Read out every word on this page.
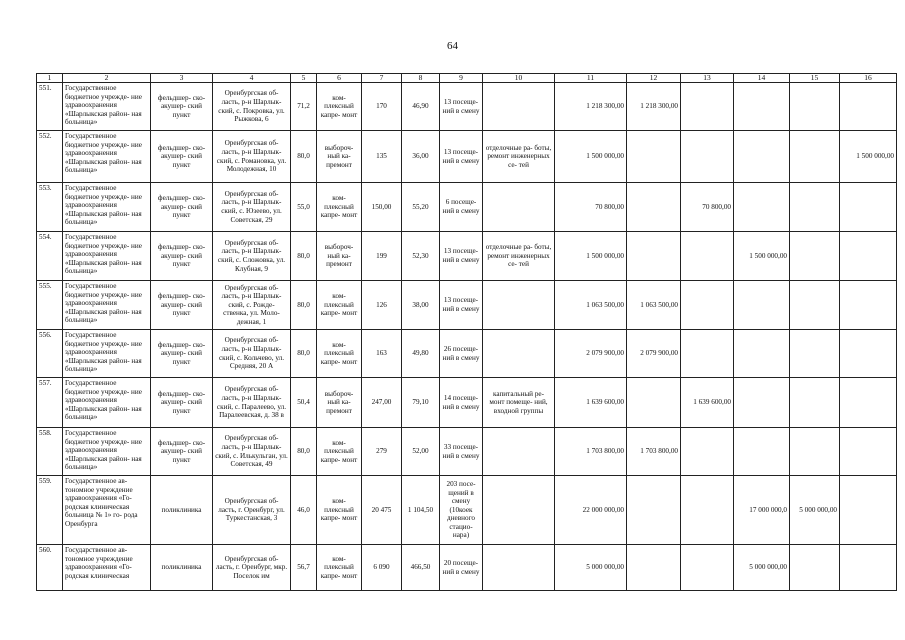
64
1	2	3	4	5	6	7	8	9	10	11	12	13	14	15	16
551.	Государственное бюджетное учрежде- ние здравоохранения «Шарлыкская район- ная больница»	фельдшер- ско-акушер- ский пункт	Оренбургская об- ласть, р-н Шарлык- ский, с. Покровка, ул. Рыжкова, 6	71,2	ком- плексный капре- монт	170	46,90	13 посеще- ний в смену		1 218 300,00	1 218 300,00				
552.	Государственное бюджетное учрежде- ние здравоохранения «Шарлыкская район- ная больница»	фельдшер- ско-акушер- ский пункт	Оренбургская об- ласть, р-н Шарлык- ский, с. Романовка, ул. Молодежная, 10	80,0	выбороч- ный ка- премонт	135	36,00	13 посеще- ний в смену	отделочные ра- боты, ремонт инженерных се- тей	1 500 000,00					1 500 000,00
553.	Государственное бюджетное учрежде- ние здравоохранения «Шарлыкская район- ная больница»	фельдшер- ско-акушер- ский пункт	Оренбургская об- ласть, р-н Шарлык- ский, с. Юзеево, ул. Советская, 29	55,0	ком- плексный капре- монт	150,00	55,20	6 посеще- ний в смену		70 800,00		70 800,00			
554.	Государственное бюджетное учрежде- ние здравоохранения «Шарлыкская район- ная больница»	фельдшер- ско-акушер- ский пункт	Оренбургская об- ласть, р-н Шарлык- ский, с. Сложовка, ул. Клубная, 9	80,0	выбороч- ный ка- премонт	199	52,30	13 посеще- ний в смену	отделочные ра- боты, ремонт инженерных се- тей	1 500 000,00			1 500 000,00		
555.	Государственное бюджетное учрежде- ние здравоохранения «Шарлыкская район- ная больница»	фельдшер- ско-акушер- ский пункт	Оренбургская об- ласть, р-н Шарлык- ский, с. Рожде- ственка, ул. Моло- дежная, 1	80,0	ком- плексный капре- монт	126	38,00	13 посеще- ний в смену		1 063 500,00	1 063 500,00				
556.	Государственное бюджетное учрежде- ние здравоохранения «Шарлыкская район- ная больница»	фельдшер- ско-акушер- ский пункт	Оренбургская об- ласть, р-н Шарлык- ский, с. Кольчево, ул. Средняя, 20 А	80,0	ком- плексный капре- монт	163	49,80	26 посеще- ний в смену		2 079 900,00	2 079 900,00				
557.	Государственное бюджетное учрежде- ние здравоохранения «Шарлыкская район- ная больница»	фельдшер- ско-акушер- ский пункт	Оренбургская об- ласть, р-н Шарлык- ский, с. Паралеево, ул. Паралеевская, д. 38 в	50,4	выбороч- ный ка- премонт	247,00	79,10	14 посеще- ний в смену	капитальный ре- монт помеще- ний, входной группы	1 639 600,00		1 639 600,00			
558.	Государственное бюджетное учрежде- ние здравоохранения «Шарлыкская район- ная больница»	фельдшер- ско-акушер- ский пункт	Оренбургская об- ласть, р-н Шарлык- ский, с. Илькульган, ул. Советская, 49	80,0	ком- плексный капре- монт	279	52,00	33 посеще- ний в смену		1 703 800,00	1 703 800,00				
559.	Государственное ав- тономное учреждение здравоохранения «Го- родская клиническая больница № 1» го- рода Оренбурга	поликлиника	Оренбургская об- ласть, г. Оренбург, ул. Туркестанская, 3	46,0	ком- плексный капре- монт	20 475	1 104,50	203 посе- щений в смену (10коек дневного стацио- нара)		22 000 000,00			17 000 000,0	5 000 000,00	
560.	Государственное ав- тономное учреждение здравоохранения «Го- родская клиническая	поликлиника	Оренбургская об- ласть, г. Оренбург, мкр. Поселок им	56,7	ком- плексный капре- монт	6 090	466,50	20 посеще- ний в смену		5 000 000,00			5 000 000,00		
